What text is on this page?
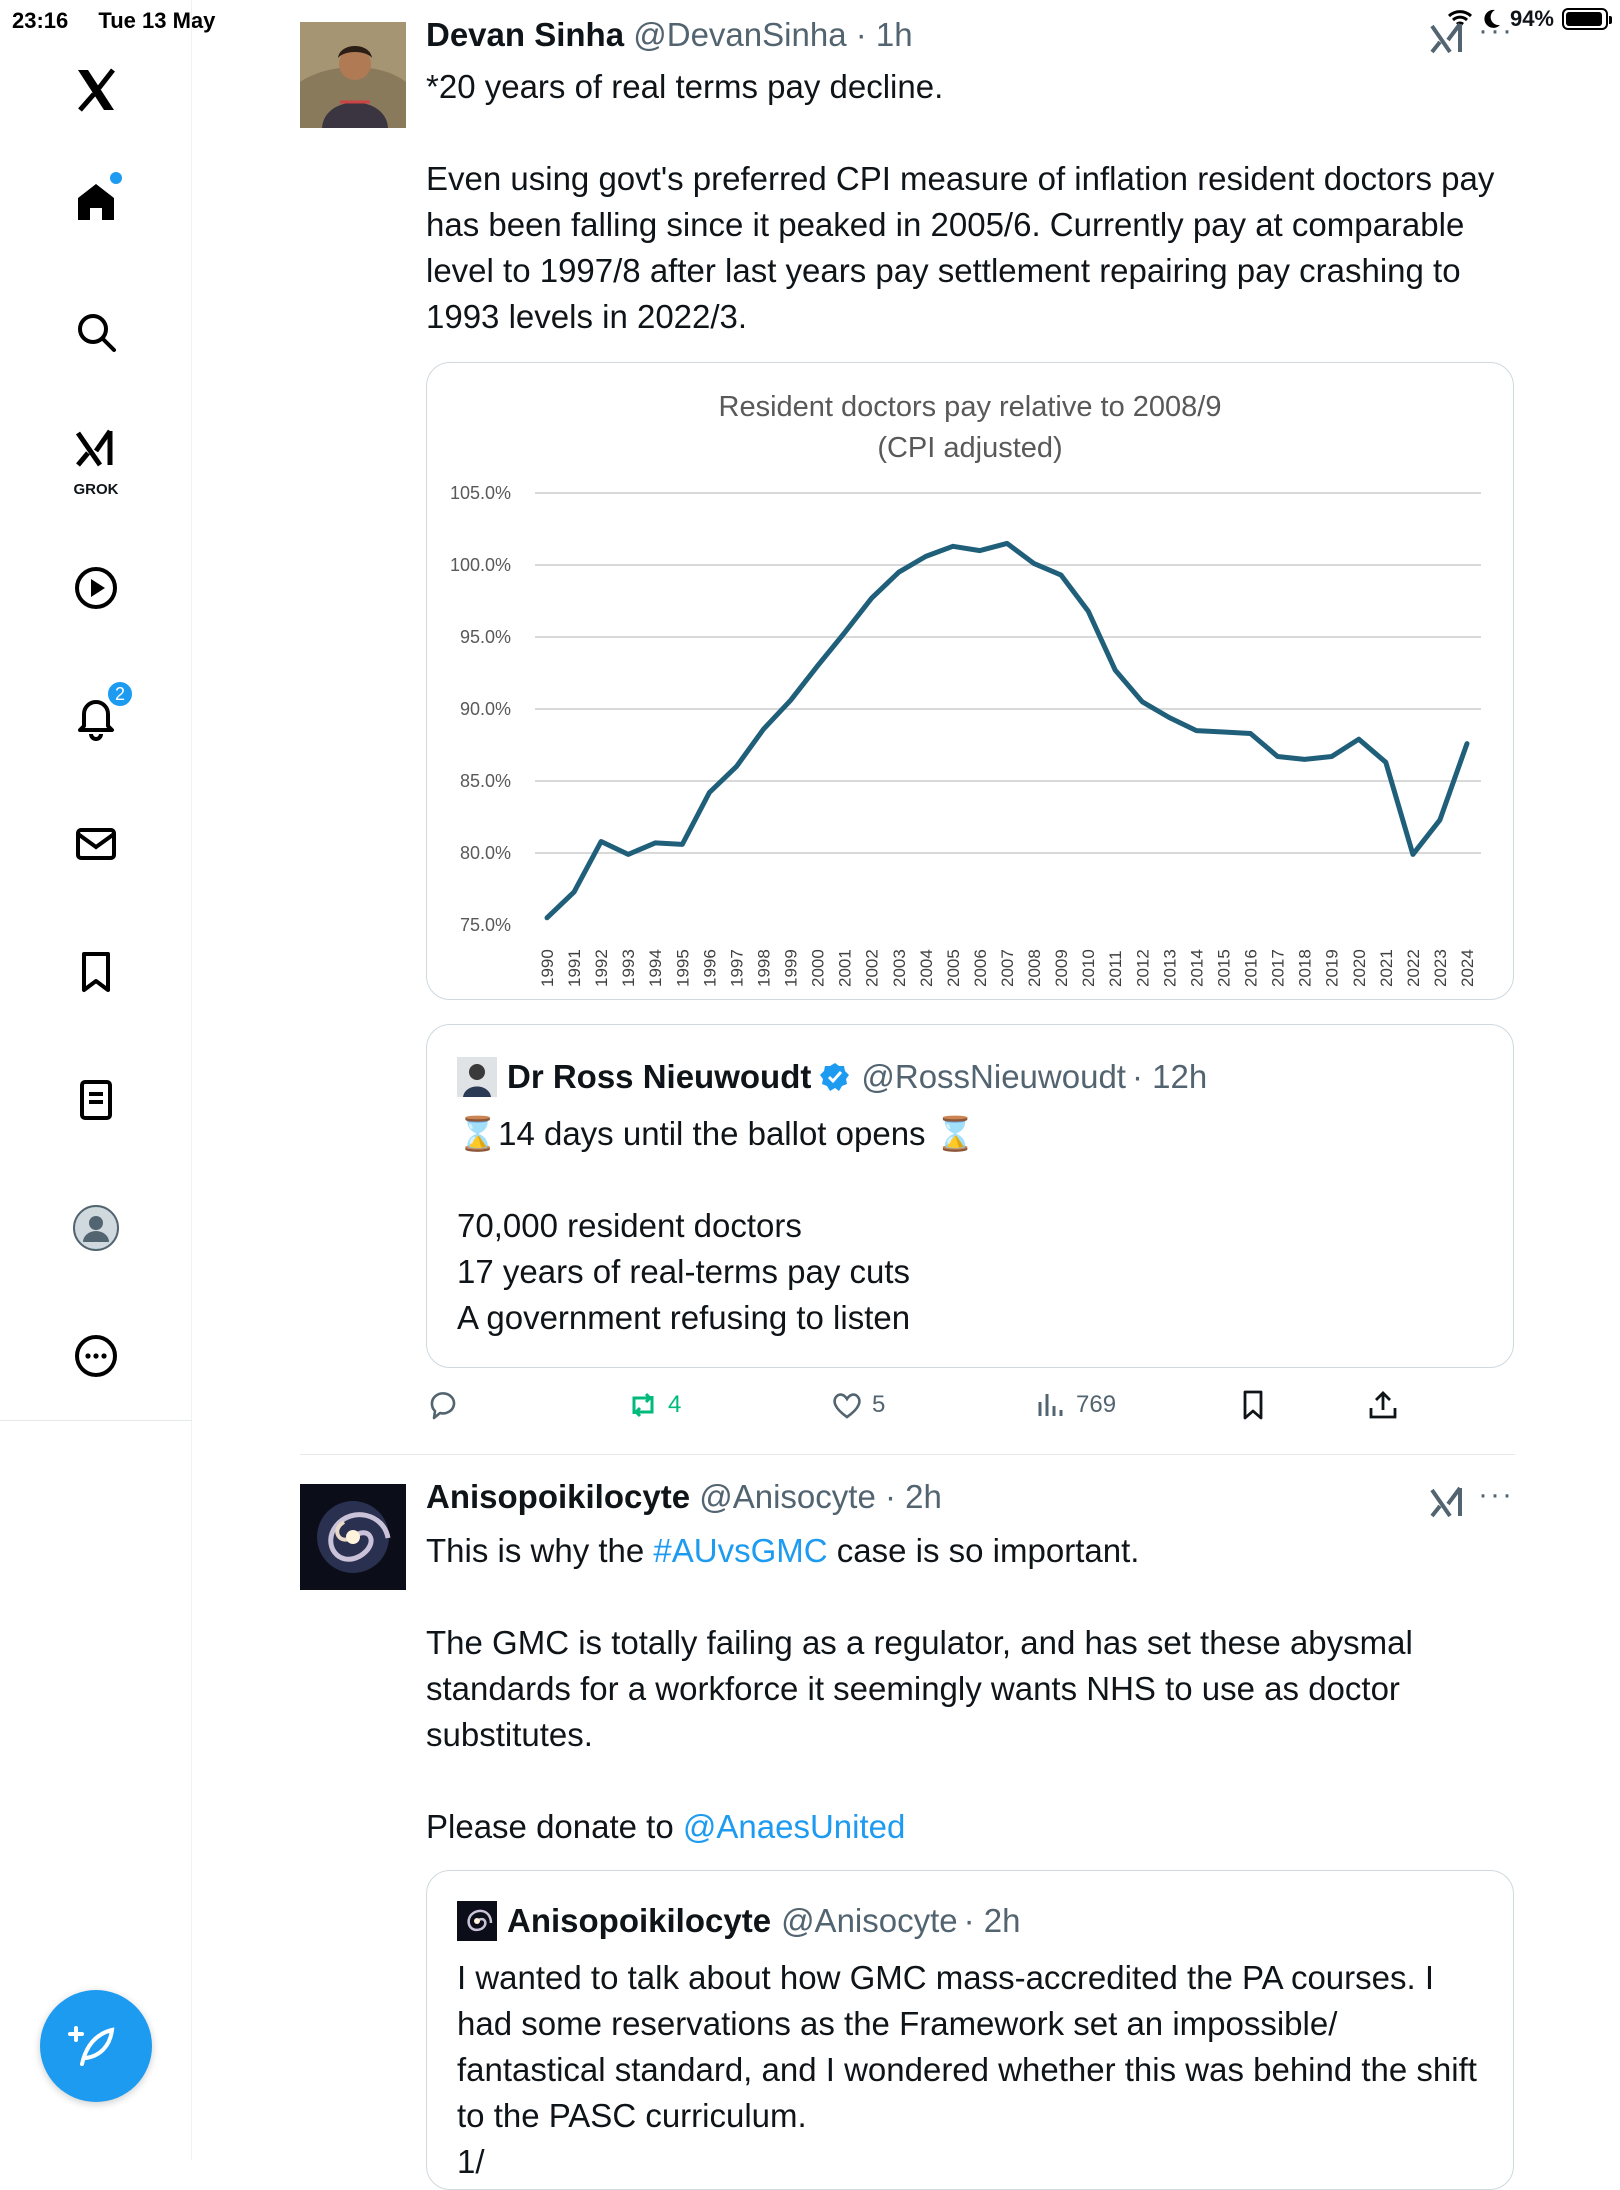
23:16 Tue 13 May	94%
GROK
2
Devan Sinha @DevanSinha · 1h	···

*20 years of real terms pay decline.

Even using govt's preferred CPI measure of inflation resident doctors pay has been falling since it peaked in 2005/6. Currently pay at comparable level to 1997/8 after last years pay settlement repairing pay crashing to 1993 levels in 2022/3.

Resident doctors pay relative to 2008/9
(CPI adjusted)
105.0%
100.0%
95.0%
90.0%
85.0%
80.0%
75.0%
1990 1991 1992 1993 1994 1995 1996 1997 1998 1999 2000 2001 2002 2003 2004 2005 2006 2007 2008 2009 2010 2011 2012 2013 2014 2015 2016 2017 2018 2019 2020 2021 2022 2023 2024
Dr Ross Nieuwoudt @RossNieuwoudt · 12h

⌛14 days until the ballot opens ⌛

70,000 resident doctors
17 years of real-terms pay cuts
A government refusing to listen
4	5	769
Anisopoikilocyte @Anisocyte · 2h	···

This is why the #AUvsGMC case is so important.

The GMC is totally failing as a regulator, and has set these abysmal standards for a workforce it seemingly wants NHS to use as doctor substitutes.

Please donate to @AnaesUnited

Anisopoikilocyte @Anisocyte · 2h
I wanted to talk about how GMC mass-accredited the PA courses. I had some reservations as the Framework set an impossible/ fantastical standard, and I wondered whether this was behind the shift to the PASC curriculum.
1/
